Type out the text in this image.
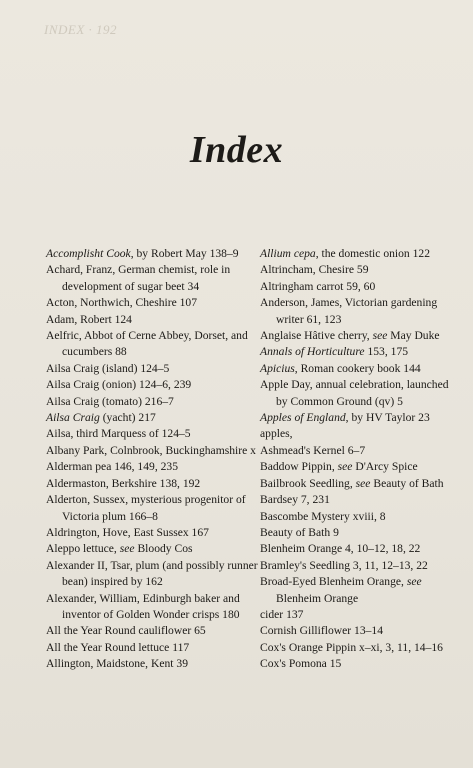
INDEX · 192
Index

Accomplisht Cook, by Robert May 138–9

Achard, Franz, German chemist, role in development of sugar beet 34

Acton, Northwich, Cheshire 107

Adam, Robert 124

Aelfric, Abbot of Cerne Abbey, Dorset, and cucumbers 88

Ailsa Craig (island) 124–5

Ailsa Craig (onion) 124–6, 239

Ailsa Craig (tomato) 216–7

Ailsa Craig (yacht) 217

Ailsa, third Marquess of 124–5

Albany Park, Colnbrook, Buckinghamshire x

Alderman pea 146, 149, 235

Aldermaston, Berkshire 138, 192

Alderton, Sussex, mysterious progenitor of Victoria plum 166–8

Aldrington, Hove, East Sussex 167

Aleppo lettuce, see Bloody Cos

Alexander II, Tsar, plum (and possibly runner bean) inspired by 162

Alexander, William, Edinburgh baker and inventor of Golden Wonder crisps 180

All the Year Round cauliflower 65

All the Year Round lettuce 117

Allington, Maidstone, Kent 39

Allium cepa, the domestic onion 122

Altrincham, Chesire 59

Altringham carrot 59, 60

Anderson, James, Victorian gardening writer 61, 123

Anglaise Hâtive cherry, see May Duke

Annals of Horticulture 153, 175

Apicius, Roman cookery book 144

Apple Day, annual celebration, launched by Common Ground (qv) 5

Apples of England, by HV Taylor 23

apples,

Ashmead's Kernel 6–7

Baddow Pippin, see D'Arcy Spice

Bailbrook Seedling, see Beauty of Bath

Bardsey 7, 231

Bascombe Mystery xviii, 8

Beauty of Bath 9

Blenheim Orange 4, 10–12, 18, 22

Bramley's Seedling 3, 11, 12–13, 22

Broad-Eyed Blenheim Orange, see Blenheim Orange

cider 137

Cornish Gilliflower 13–14

Cox's Orange Pippin x–xi, 3, 11, 14–16

Cox's Pomona 15
